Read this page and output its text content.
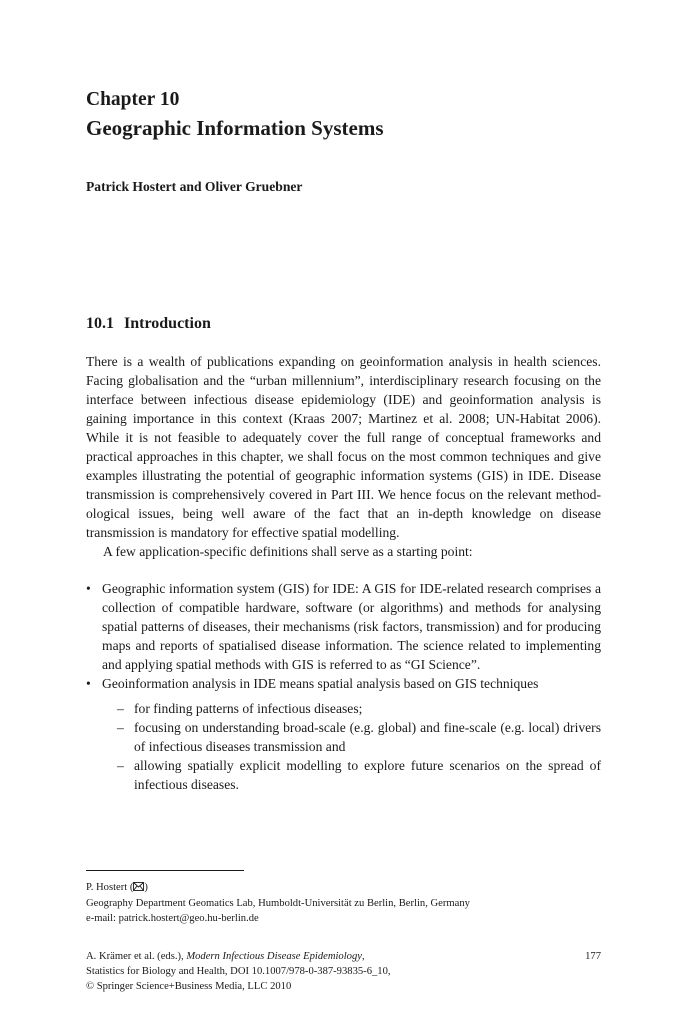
Chapter 10
Geographic Information Systems
Patrick Hostert and Oliver Gruebner
10.1 Introduction

There is a wealth of publications expanding on geoinformation analysis in health sciences. Facing globalisation and the “urban millennium”, interdisciplinary research focusing on the interface between infectious disease epidemiology (IDE) and geoinformation analysis is gaining importance in this context (Kraas 2007; Martinez et al. 2008; UN-Habitat 2006). While it is not feasible to adequately cover the full range of conceptual frameworks and practical approaches in this chapter, we shall focus on the most common techniques and give examples illustrating the potential of geographic information systems (GIS) in IDE. Disease transmission is comprehensively covered in Part III. We hence focus on the relevant methodological issues, being well aware of the fact that an in-depth knowledge on disease transmission is mandatory for effective spatial modelling.

A few application-specific definitions shall serve as a starting point:

• Geographic information system (GIS) for IDE: A GIS for IDE-related research comprises a collection of compatible hardware, software (or algorithms) and methods for analysing spatial patterns of diseases, their mechanisms (risk factors, transmission) and for producing maps and reports of spatialised disease information. The science related to implementing and applying spatial methods with GIS is referred to as “GI Science”.
• Geoinformation analysis in IDE means spatial analysis based on GIS techniques
– for finding patterns of infectious diseases;
– focusing on understanding broad-scale (e.g. global) and fine-scale (e.g. local) drivers of infectious diseases transmission and
– allowing spatially explicit modelling to explore future scenarios on the spread of infectious diseases.
P. Hostert ( )
Geography Department Geomatics Lab, Humboldt-Universität zu Berlin, Berlin, Germany
e-mail: patrick.hostert@geo.hu-berlin.de
A. Krämer et al. (eds.), Modern Infectious Disease Epidemiology,
Statistics for Biology and Health, DOI 10.1007/978-0-387-93835-6_10,
© Springer Science+Business Media, LLC 2010
177
